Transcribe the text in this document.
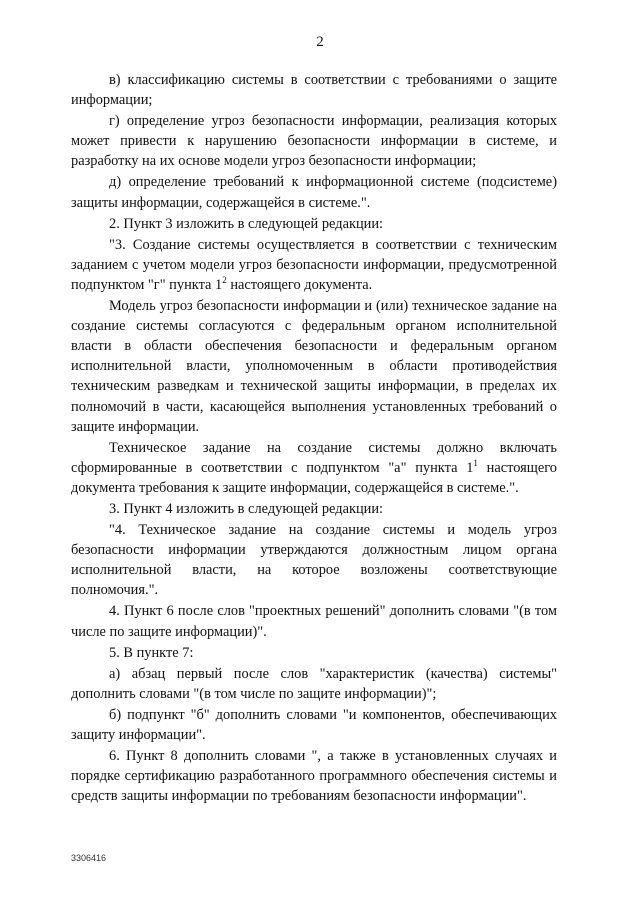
2

в) классификацию системы в соответствии с требованиями о защите информации;

г) определение угроз безопасности информации, реализация которых может привести к нарушению безопасности информации в системе, и разработку на их основе модели угроз безопасности информации;

д) определение требований к информационной системе (подсистеме) защиты информации, содержащейся в системе.".

2. Пункт 3 изложить в следующей редакции:

"3. Создание системы осуществляется в соответствии с техническим заданием с учетом модели угроз безопасности информации, предусмотренной подпунктом "г" пункта $1^2$ настоящего документа.

Модель угроз безопасности информации и (или) техническое задание на создание системы согласуются с федеральным органом исполнительной власти в области обеспечения безопасности и федеральным органом исполнительной власти, уполномоченным в области противодействия техническим разведкам и технической защиты информации, в пределах их полномочий в части, касающейся выполнения установленных требований о защите информации.

Техническое задание на создание системы должно включать сформированные в соответствии с подпунктом "а" пункта $1^1$ настоящего документа требования к защите информации, содержащейся в системе.".

3. Пункт 4 изложить в следующей редакции:

"4. Техническое задание на создание системы и модель угроз безопасности информации утверждаются должностным лицом органа исполнительной власти, на которое возложены соответствующие полномочия.".

4. Пункт 6 после слов "проектных решений" дополнить словами "(в том числе по защите информации)".

5. В пункте 7:

а) абзац первый после слов "характеристик (качества) системы" дополнить словами "(в том числе по защите информации)";

б) подпункт "б" дополнить словами "и компонентов, обеспечивающих защиту информации".

6. Пункт 8 дополнить словами ", а также в установленных случаях и порядке сертификацию разработанного программного обеспечения системы и средств защиты информации по требованиям безопасности информации".

3306416
